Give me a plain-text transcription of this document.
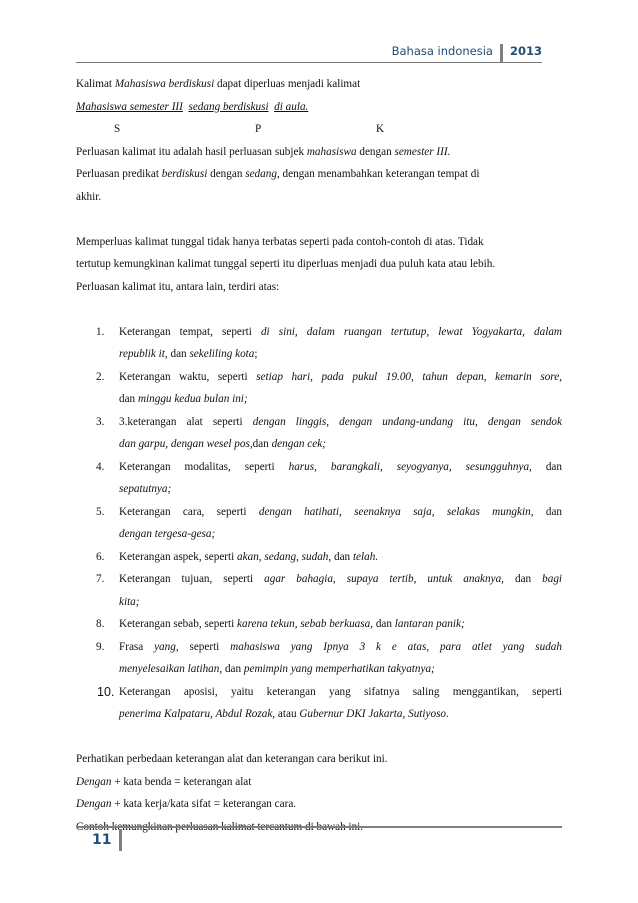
Bahasa indonesia	2013
Kalimat Mahasiswa berdiskusi dapat diperluas menjadi kalimat
Mahasiswa semester III sedang berdiskusi di aula.
S	P	K
Perluasan kalimat itu adalah hasil perluasan subjek mahasiswa dengan semester III.
Perluasan predikat berdiskusi dengan sedang, dengan menambahkan keterangan tempat di
akhir.
Memperluas kalimat tunggal tidak hanya terbatas seperti pada contoh-contoh di atas. Tidak
tertutup kemungkinan kalimat tunggal seperti itu diperluas menjadi dua puluh kata atau lebih.
Perluasan kalimat itu, antara lain, terdiri atas:
1. Keterangan tempat, seperti di sini, dalam ruangan tertutup, lewat Yogyakarta, dalam
republik it, dan sekeliling kota;
2. Keterangan waktu, seperti setiap hari, pada pukul 19.00, tahun depan, kemarin sore,
dan minggu kedua bulan ini;
3. 3.keterangan alat seperti dengan linggis, dengan undang-undang itu, dengan sendok
dan garpu, dengan wesel pos,dan dengan cek;
4. Keterangan modalitas, seperti harus, barangkali, seyogyanya, sesungguhnya, dan
sepatutnya;
5. Keterangan cara, seperti dengan hatihati, seenaknya saja, selakas mungkin, dan
dengan tergesa-gesa;
6. Keterangan aspek, seperti akan, sedang, sudah, dan telah.
7. Keterangan tujuan, seperti agar bahagia, supaya tertib, untuk anaknya, dan bagi
kita;
8. Keterangan sebab, seperti karena tekun, sebab berkuasa, dan lantaran panik;
9. Frasa yang, seperti mahasiswa yang Ipnya 3 k e atas, para atlet yang sudah
menyelesaikan latihan, dan pemimpin yang memperhatikan takyatnya;
10. Keterangan aposisi, yaitu keterangan yang sifatnya saling menggantikan, seperti
penerima Kalpataru, Abdul Rozak, atau Gubernur DKI Jakarta, Sutiyoso.
Perhatikan perbedaan keterangan alat dan keterangan cara berikut ini.
Dengan + kata benda = keterangan alat
Dengan + kata kerja/kata sifat = keterangan cara.
Contoh kemungkinan perluasan kalimat tercantum di bawah ini.
11
